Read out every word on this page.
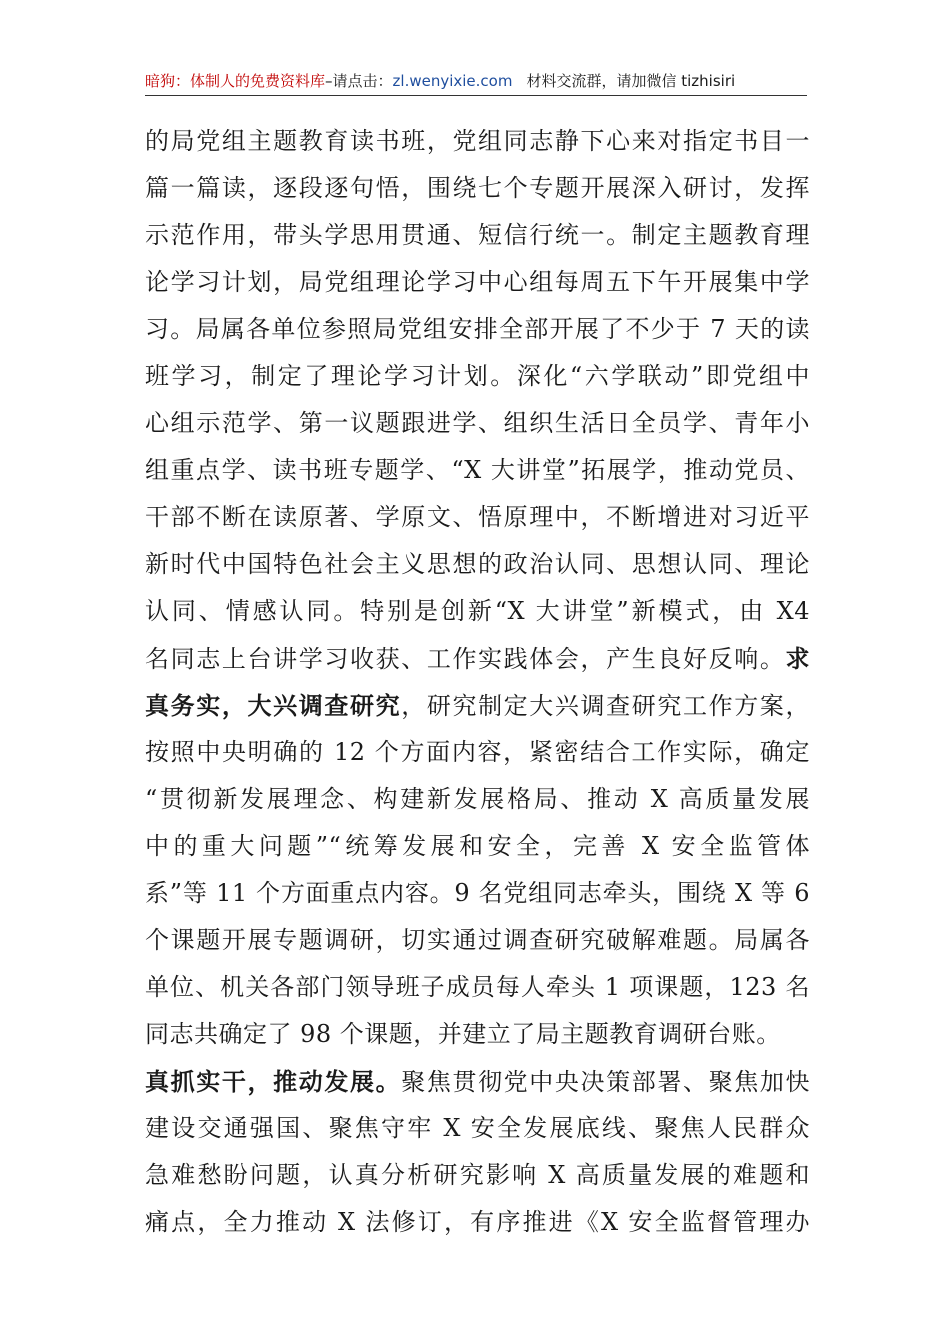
暗狗：体制人的免费资料库–请点击：zl.wenyixie.com 材料交流群，请加微信 tizhisiri
的局党组主题教育读书班，党组同志静下心来对指定书目一
篇一篇读，逐段逐句悟，围绕七个专题开展深入研讨，发挥
示范作用，带头学思用贯通、短信行统一。制定主题教育理
论学习计划，局党组理论学习中心组每周五下午开展集中学
习。局属各单位参照局党组安排全部开展了不少于 7 天的读
班学习，制定了理论学习计划。深化“六学联动”即党组中
心组示范学、第一议题跟进学、组织生活日全员学、青年小
组重点学、读书班专题学、“X 大讲堂”拓展学，推动党员、
干部不断在读原著、学原文、悟原理中，不断增进对习近平
新时代中国特色社会主义思想的政治认同、思想认同、理论
认同、情感认同。特别是创新“X 大讲堂”新模式，由 X4
名同志上台讲学习收获、工作实践体会，产生良好反响。求
真务实，大兴调查研究，研究制定大兴调查研究工作方案，
按照中央明确的 12 个方面内容，紧密结合工作实际，确定
“贯彻新发展理念、构建新发展格局、推动 X 高质量发展
中的重大问题”“统筹发展和安全，完善 X 安全监管体
系”等 11 个方面重点内容。9 名党组同志牵头，围绕 X 等 6
个课题开展专题调研，切实通过调查研究破解难题。局属各
单位、机关各部门领导班子成员每人牵头 1 项课题，123 名
同志共确定了 98 个课题，并建立了局主题教育调研台账。
真抓实干，推动发展。聚焦贯彻党中央决策部署、聚焦加快
建设交通强国、聚焦守牢 X 安全发展底线、聚焦人民群众
急难愁盼问题，认真分析研究影响 X 高质量发展的难题和
痛点，全力推动 X 法修订，有序推进《X 安全监督管理办
